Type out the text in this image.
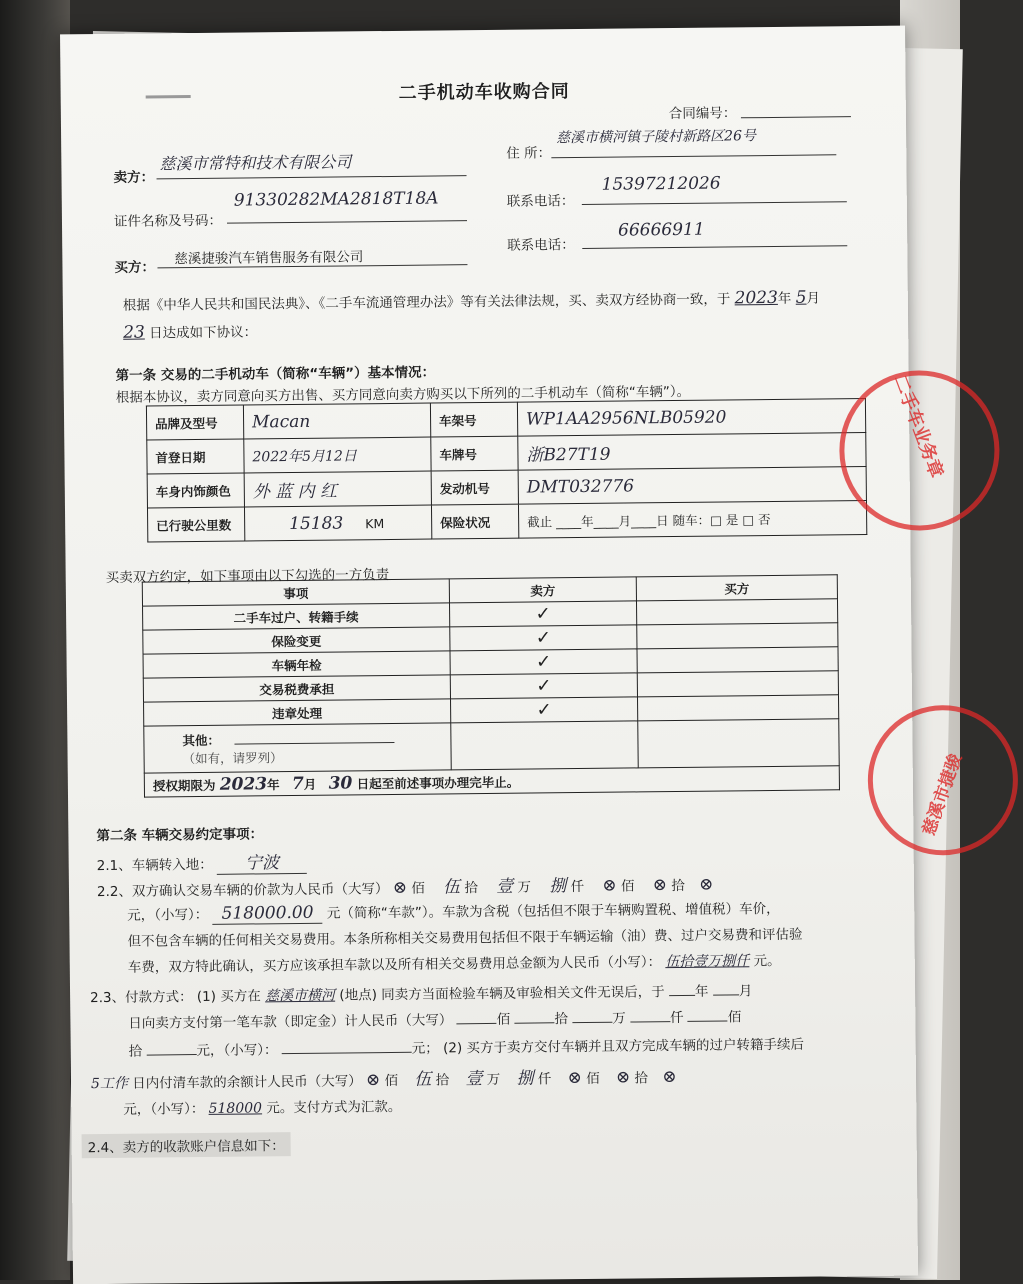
二手机动车收购合同
合同编号：
卖方：
慈溪市常特和技术有限公司	住 所：
慈溪市横河镇子陵村新路区26号
证件名称及号码：
91330282MA2818T18A	联系电话：
15397212026
买方：
慈溪捷骏汽车销售服务有限公司
联系电话：
66666911
根据《中华人民共和国民法典》、《二手车流通管理办法》等有关法律法规，买、卖双方经协商一致，于 2023年 5月
23 日达成如下协议：
第一条 交易的二手机动车（简称“车辆”）基本情况：
根据本协议，卖方同意向买方出售、买方同意向卖方购买以下所列的二手机动车（简称“车辆”）。
品牌及型号	Macan	车架号	WP1AA2956NLB05920
首登日期	2022年5月12日	车牌号	浙B27T19
车身内饰颜色	外 蓝 内 红	发动机号	DMT032776
已行驶公里数	15183 KM	保险状况	截止 ____年____月____日 随车：□ 是 □ 否
买卖双方约定，如下事项由以下勾选的一方负责
事项	卖方	买方
二手车过户、转籍手续	✓	
保险变更	✓	
车辆年检	✓	
交易税费承担	✓	
违章处理	✓	

其他：
（如有，请罗列）		

授权期限为 2023年 7月 30 日起至前述事项办理完毕止。		
第二条 车辆交易约定事项：
2.1、车辆转入地： 宁波
2.2、双方确认交易车辆的价款为人民币（大写） ⊗ 佰 伍 拾 壹 万 捌 仟 ⊗ 佰 ⊗ 拾 ⊗
元，（小写）： 518000.00 元（简称“车款”）。车款为含税（包括但不限于车辆购置税、增值税）车价，
但不包含车辆的任何相关交易费用。本条所称相关交易费用包括但不限于车辆运输（油）费、过户交易费和评估验
车费，双方特此确认，买方应该承担车款以及所有相关交易费用总金额为人民币（小写）： 伍拾壹万捌仟 元。
2.3、付款方式： (1) 买方在 慈溪市横河 (地点) 同卖方当面检验车辆及审验相关文件无误后，于 年 月
日向卖方支付第一笔车款（即定金）计人民币（大写）	佰	拾	万	仟	佰
拾	元，（小写）：	元； (2) 买方于卖方交付车辆并且双方完成车辆的过户转籍手续后
5工作 日内付清车款的余额计人民币（大写） ⊗ 佰 伍 拾 壹 万 捌 仟 ⊗ 佰 ⊗ 拾 ⊗
元，（小写）： 518000 元。支付方式为汇款。
2.4、卖方的收款账户信息如下：
二手车业务章
慈溪市捷骏
